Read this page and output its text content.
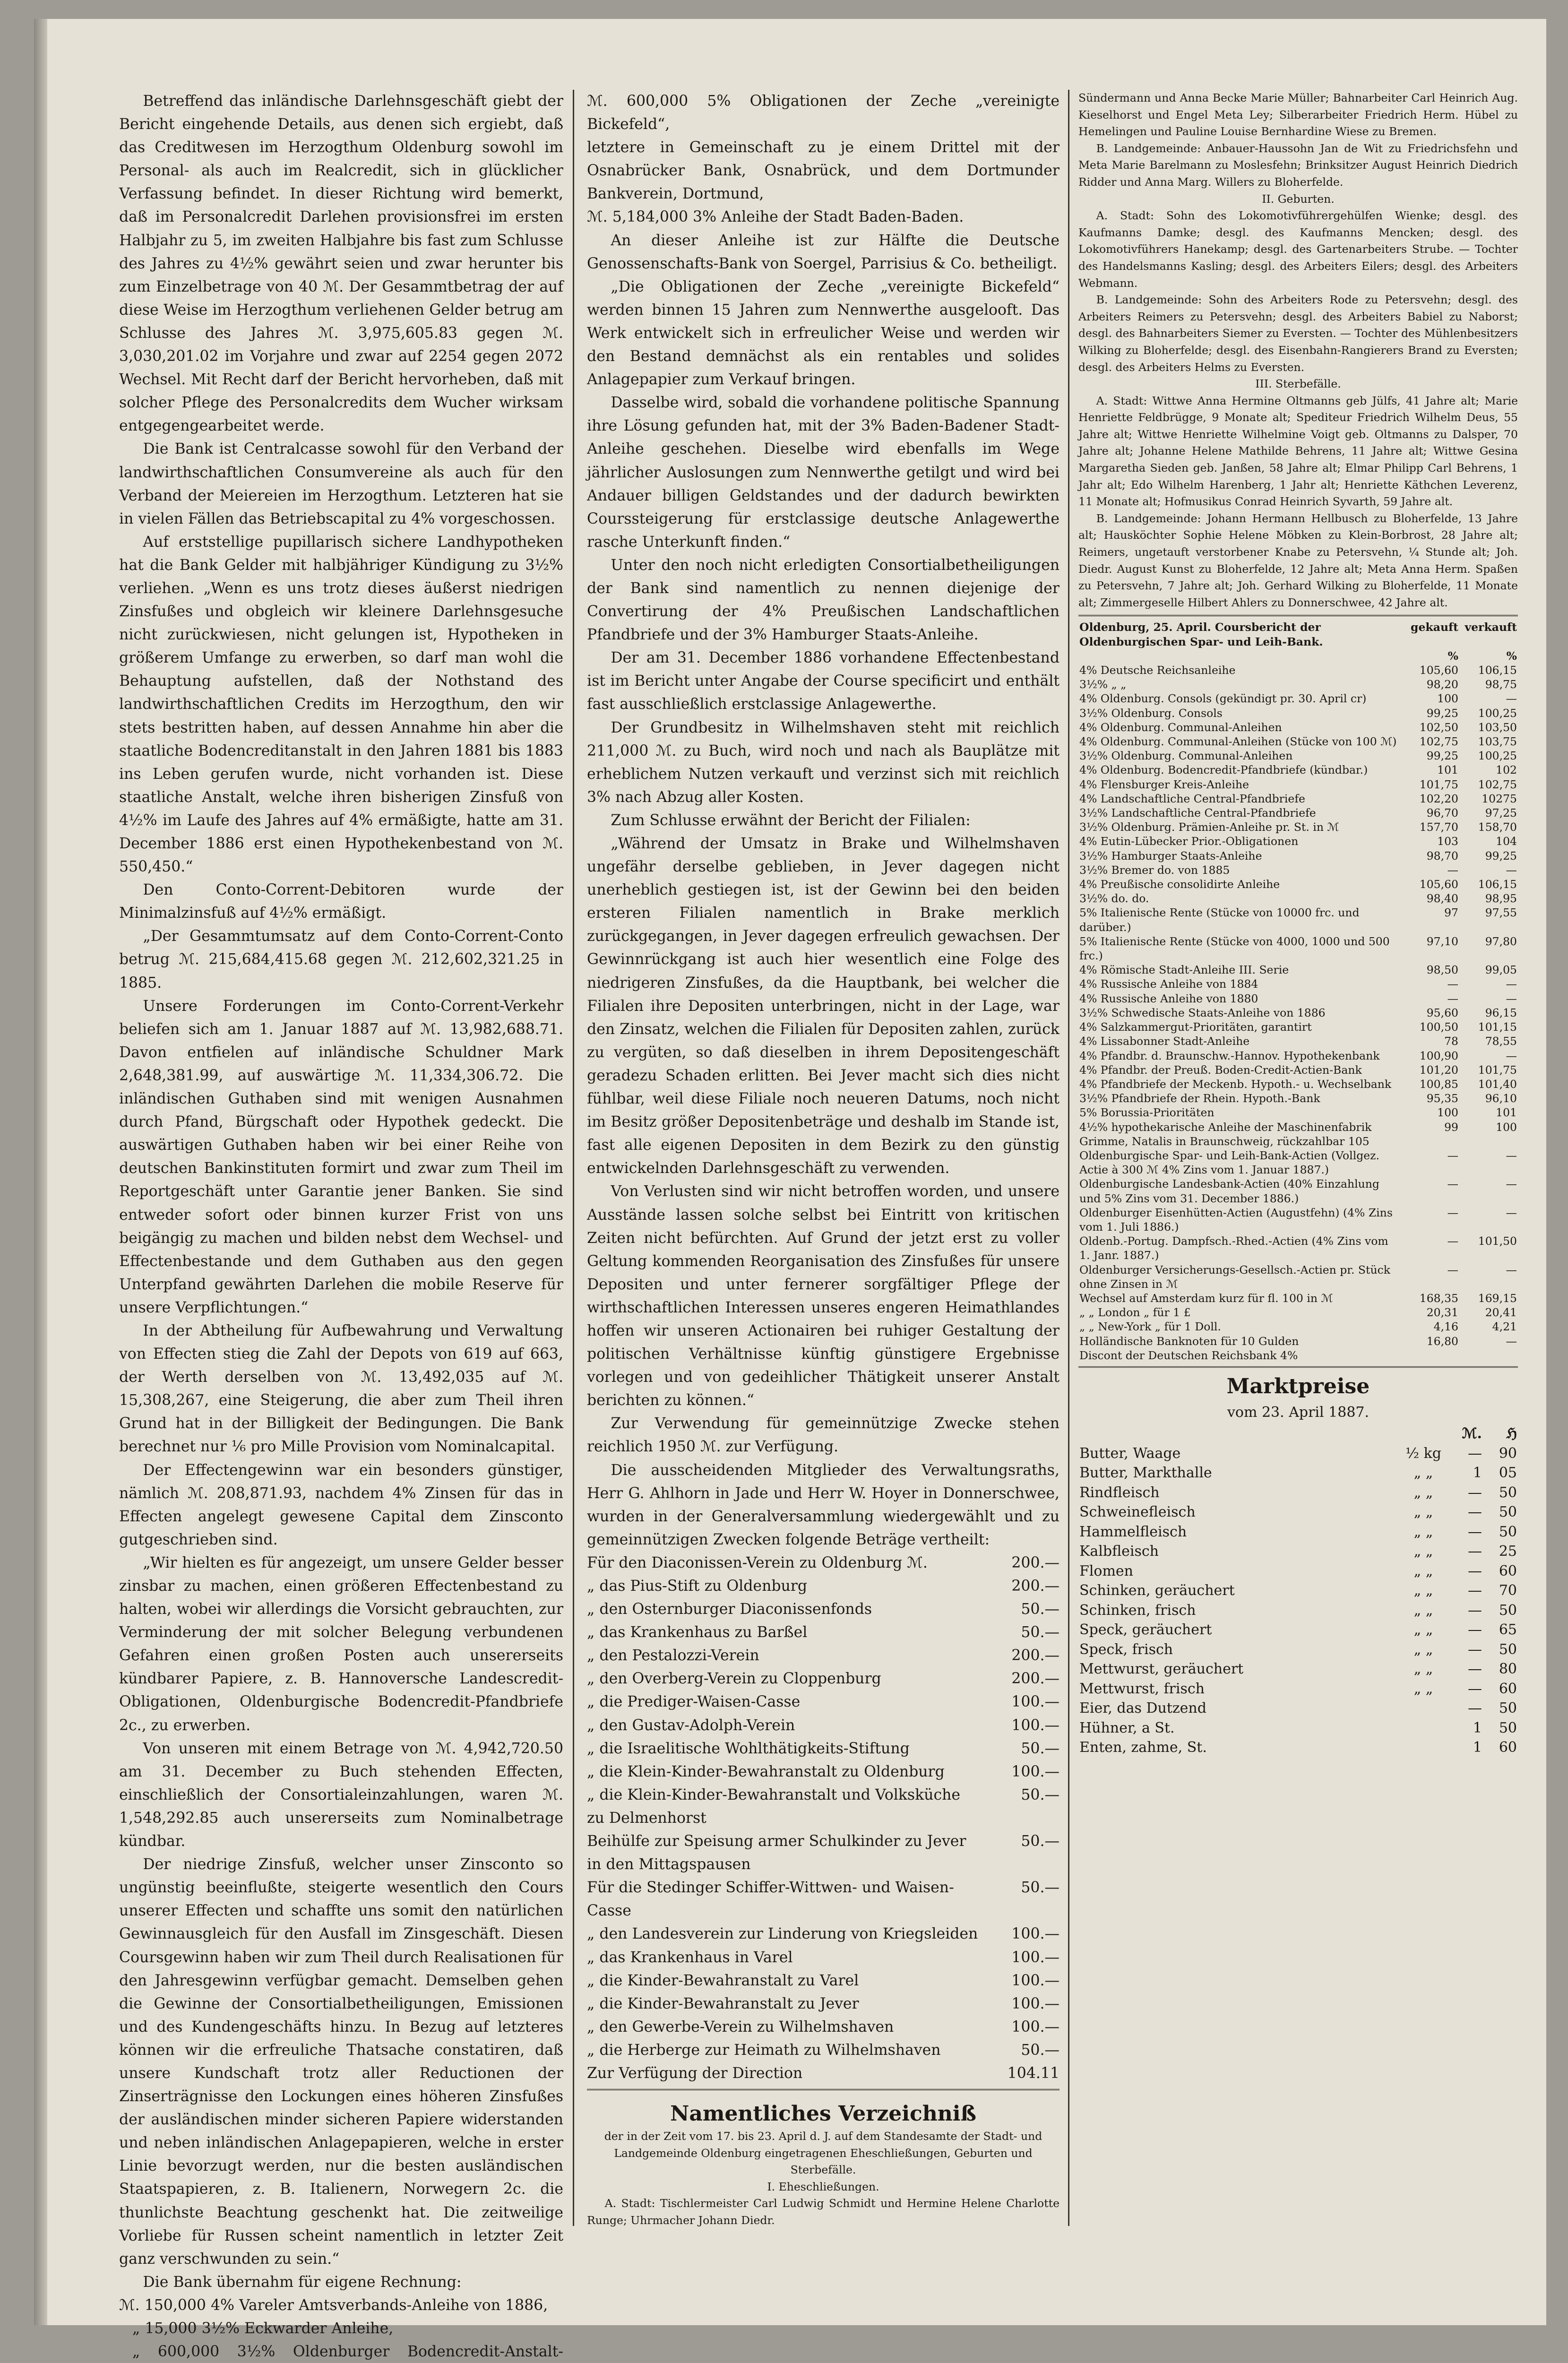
Betreffend das inländische Darlehnsgeschäft giebt der Bericht eingehende Details, aus denen sich ergiebt, daß das Creditwesen im Herzogthum Oldenburg sowohl im Personal- als auch im Realcredit, sich in glücklicher Verfassung befindet. In dieser Richtung wird bemerkt, daß im Personalcredit Darlehen provisionsfrei im ersten Halbjahr zu 5, im zweiten Halbjahre bis fast zum Schlusse des Jahres zu 4½% gewährt seien und zwar herunter bis zum Einzelbetrage von 40 ℳ. Der Gesammtbetrag der auf diese Weise im Herzogthum verliehenen Gelder betrug am Schlusse des Jahres ℳ. 3,975,605.83 gegen ℳ. 3,030,201.02 im Vorjahre und zwar auf 2254 gegen 2072 Wechsel. Mit Recht darf der Bericht hervorheben, daß mit solcher Pflege des Personalcredits dem Wucher wirksam entgegengearbeitet werde.

Die Bank ist Centralcasse sowohl für den Verband der landwirthschaftlichen Consumvereine als auch für den Verband der Meiereien im Herzogthum. Letzteren hat sie in vielen Fällen das Betriebscapital zu 4% vorgeschossen.

Auf erststellige pupillarisch sichere Landhypotheken hat die Bank Gelder mit halbjähriger Kündigung zu 3½% verliehen. „Wenn es uns trotz dieses äußerst niedrigen Zinsfußes und obgleich wir kleinere Darlehnsgesuche nicht zurückwiesen, nicht gelungen ist, Hypotheken in größerem Umfange zu erwerben, so darf man wohl die Behauptung aufstellen, daß der Nothstand des landwirthschaftlichen Credits im Herzogthum, den wir stets bestritten haben, auf dessen Annahme hin aber die staatliche Bodencreditanstalt in den Jahren 1881 bis 1883 ins Leben gerufen wurde, nicht vorhanden ist. Diese staatliche Anstalt, welche ihren bisherigen Zinsfuß von 4½% im Laufe des Jahres auf 4% ermäßigte, hatte am 31. December 1886 erst einen Hypothekenbestand von ℳ. 550,450.“

Den Conto-Corrent-Debitoren wurde der Minimalzinsfuß auf 4½% ermäßigt.

„Der Gesammtumsatz auf dem Conto-Corrent-Conto betrug ℳ. 215,684,415.68 gegen ℳ. 212,602,321.25 in 1885.

Unsere Forderungen im Conto-Corrent-Verkehr beliefen sich am 1. Januar 1887 auf ℳ. 13,982,688.71. Davon entfielen auf inländische Schuldner Mark 2,648,381.99, auf auswärtige ℳ. 11,334,306.72. Die inländischen Guthaben sind mit wenigen Ausnahmen durch Pfand, Bürgschaft oder Hypothek gedeckt. Die auswärtigen Guthaben haben wir bei einer Reihe von deutschen Bankinstituten formirt und zwar zum Theil im Reportgeschäft unter Garantie jener Banken. Sie sind entweder sofort oder binnen kurzer Frist von uns beigängig zu machen und bilden nebst dem Wechsel- und Effectenbestande und dem Guthaben aus den gegen Unterpfand gewährten Darlehen die mobile Reserve für unsere Verpflichtungen.“

In der Abtheilung für Aufbewahrung und Verwaltung von Effecten stieg die Zahl der Depots von 619 auf 663, der Werth derselben von ℳ. 13,492,035 auf ℳ. 15,308,267, eine Steigerung, die aber zum Theil ihren Grund hat in der Billigkeit der Bedingungen. Die Bank berechnet nur ⅙ pro Mille Provision vom Nominalcapital.

Der Effectengewinn war ein besonders günstiger, nämlich ℳ. 208,871.93, nachdem 4% Zinsen für das in Effecten angelegt gewesene Capital dem Zinsconto gutgeschrieben sind.

„Wir hielten es für angezeigt, um unsere Gelder besser zinsbar zu machen, einen größeren Effectenbestand zu halten, wobei wir allerdings die Vorsicht gebrauchten, zur Verminderung der mit solcher Belegung verbundenen Gefahren einen großen Posten auch unsererseits kündbarer Papiere, z. B. Hannoversche Landescredit-Obligationen, Oldenburgische Bodencredit-Pfandbriefe 2c., zu erwerben.

Von unseren mit einem Betrage von ℳ. 4,942,720.50 am 31. December zu Buch stehenden Effecten, einschließlich der Consortialeinzahlungen, waren ℳ. 1,548,292.85 auch unsererseits zum Nominalbetrage kündbar.

Der niedrige Zinsfuß, welcher unser Zinsconto so ungünstig beeinflußte, steigerte wesentlich den Cours unserer Effecten und schaffte uns somit den natürlichen Gewinnausgleich für den Ausfall im Zinsgeschäft. Diesen Coursgewinn haben wir zum Theil durch Realisationen für den Jahresgewinn verfügbar gemacht. Demselben gehen die Gewinne der Consortialbetheiligungen, Emissionen und des Kundengeschäfts hinzu. In Bezug auf letzteres können wir die erfreuliche Thatsache constatiren, daß unsere Kundschaft trotz aller Reductionen der Zinserträgnisse den Lockungen eines höheren Zinsfußes der ausländischen minder sicheren Papiere widerstanden und neben inländischen Anlagepapieren, welche in erster Linie bevorzugt werden, nur die besten ausländischen Staatspapieren, z. B. Italienern, Norwegern 2c. die thunlichste Beachtung geschenkt hat. Die zeitweilige Vorliebe für Russen scheint namentlich in letzter Zeit ganz verschwunden zu sein.“

Die Bank übernahm für eigene Rechnung:

ℳ. 150,000 4% Vareler Amtsverbands-Anleihe von 1886,

„ 15,000 3½% Eckwarder Anleihe,

„ 600,000 3½% Oldenburger Bodencredit-Anstalt-

ℳ. 600,000 5% Obligationen der Zeche „vereinigte Bickefeld“,

letztere in Gemeinschaft zu je einem Drittel mit der Osnabrücker Bank, Osnabrück, und dem Dortmunder Bankverein, Dortmund,

ℳ. 5,184,000 3% Anleihe der Stadt Baden-Baden.

An dieser Anleihe ist zur Hälfte die Deutsche Genossenschafts-Bank von Soergel, Parrisius & Co. betheiligt.

„Die Obligationen der Zeche „vereinigte Bickefeld“ werden binnen 15 Jahren zum Nennwerthe ausgelooft. Das Werk entwickelt sich in erfreulicher Weise und werden wir den Bestand demnächst als ein rentables und solides Anlagepapier zum Verkauf bringen.

Dasselbe wird, sobald die vorhandene politische Spannung ihre Lösung gefunden hat, mit der 3% Baden-Badener Stadt-Anleihe geschehen. Dieselbe wird ebenfalls im Wege jährlicher Auslosungen zum Nennwerthe getilgt und wird bei Andauer billigen Geldstandes und der dadurch bewirkten Courssteigerung für erstclassige deutsche Anlagewerthe rasche Unterkunft finden.“

Unter den noch nicht erledigten Consortialbetheiligungen der Bank sind namentlich zu nennen diejenige der Convertirung der 4% Preußischen Landschaftlichen Pfandbriefe und der 3% Hamburger Staats-Anleihe.

Der am 31. December 1886 vorhandene Effectenbestand ist im Bericht unter Angabe der Course specificirt und enthält fast ausschließlich erstclassige Anlagewerthe.

Der Grundbesitz in Wilhelmshaven steht mit reichlich 211,000 ℳ. zu Buch, wird noch und nach als Bauplätze mit erheblichem Nutzen verkauft und verzinst sich mit reichlich 3% nach Abzug aller Kosten.

Zum Schlusse erwähnt der Bericht der Filialen:

„Während der Umsatz in Brake und Wilhelmshaven ungefähr derselbe geblieben, in Jever dagegen nicht unerheblich gestiegen ist, ist der Gewinn bei den beiden ersteren Filialen namentlich in Brake merklich zurückgegangen, in Jever dagegen erfreulich gewachsen. Der Gewinnrückgang ist auch hier wesentlich eine Folge des niedrigeren Zinsfußes, da die Hauptbank, bei welcher die Filialen ihre Depositen unterbringen, nicht in der Lage, war den Zinsatz, welchen die Filialen für Depositen zahlen, zurück zu vergüten, so daß dieselben in ihrem Depositengeschäft geradezu Schaden erlitten. Bei Jever macht sich dies nicht fühlbar, weil diese Filiale noch neueren Datums, noch nicht im Besitz größer Depositenbeträge und deshalb im Stande ist, fast alle eigenen Depositen in dem Bezirk zu den günstig entwickelnden Darlehnsgeschäft zu verwenden.

Von Verlusten sind wir nicht betroffen worden, und unsere Ausstände lassen solche selbst bei Eintritt von kritischen Zeiten nicht befürchten. Auf Grund der jetzt erst zu voller Geltung kommenden Reorganisation des Zinsfußes für unsere Depositen und unter fernerer sorgfältiger Pflege der wirthschaftlichen Interessen unseres engeren Heimathlandes hoffen wir unseren Actionairen bei ruhiger Gestaltung der politischen Verhältnisse künftig günstigere Ergebnisse vorlegen und von gedeihlicher Thätigkeit unserer Anstalt berichten zu können.“

Zur Verwendung für gemeinnützige Zwecke stehen reichlich 1950 ℳ. zur Verfügung.

Die ausscheidenden Mitglieder des Verwaltungsraths, Herr G. Ahlhorn in Jade und Herr W. Hoyer in Donnerschwee, wurden in der Generalversammlung wiedergewählt und zu gemeinnützigen Zwecken folgende Beträge vertheilt:

Für den Diaconissen-Verein zu Oldenburg ℳ.	200.—
„ das Pius-Stift zu Oldenburg	200.—
„ den Osternburger Diaconissenfonds	50.—
„ das Krankenhaus zu Barßel	50.—
„ den Pestalozzi-Verein	200.—
„ den Overberg-Verein zu Cloppenburg	200.—
„ die Prediger-Waisen-Casse	100.—
„ den Gustav-Adolph-Verein	100.—
„ die Israelitische Wohlthätigkeits-Stiftung	50.—
„ die Klein-Kinder-Bewahranstalt zu Oldenburg	100.—
„ die Klein-Kinder-Bewahranstalt und Volksküche zu Delmenhorst	50.—
Beihülfe zur Speisung armer Schulkinder zu Jever in den Mittagspausen	50.—
Für die Stedinger Schiffer-Wittwen- und Waisen-Casse	50.—
„ den Landesverein zur Linderung von Kriegsleiden	100.—
„ das Krankenhaus in Varel	100.—
„ die Kinder-Bewahranstalt zu Varel	100.—
„ die Kinder-Bewahranstalt zu Jever	100.—
„ den Gewerbe-Verein zu Wilhelmshaven	100.—
„ die Herberge zur Heimath zu Wilhelmshaven	50.—
Zur Verfügung der Direction	104.11
Namentliches Verzeichniß

der in der Zeit vom 17. bis 23. April d. J. auf dem Standesamte der Stadt- und Landgemeinde Oldenburg eingetragenen Eheschließungen, Geburten und Sterbefälle.

I. Eheschließungen.

A. Stadt: Tischlermeister Carl Ludwig Schmidt und Hermine Helene Charlotte Runge; Uhrmacher Johann Diedr.

Sündermann und Anna Becke Marie Müller; Bahnarbeiter Carl Heinrich Aug. Kieselhorst und Engel Meta Ley; Silberarbeiter Friedrich Herm. Hübel zu Hemelingen und Pauline Louise Bernhardine Wiese zu Bremen.

B. Landgemeinde: Anbauer-Haussohn Jan de Wit zu Friedrichsfehn und Meta Marie Barelmann zu Moslesfehn; Brinksitzer August Heinrich Diedrich Ridder und Anna Marg. Willers zu Bloherfelde.

II. Geburten.

A. Stadt: Sohn des Lokomotivführergehülfen Wienke; desgl. des Kaufmanns Damke; desgl. des Kaufmanns Mencken; desgl. des Lokomotivführers Hanekamp; desgl. des Gartenarbeiters Strube. — Tochter des Handelsmanns Kasling; desgl. des Arbeiters Eilers; desgl. des Arbeiters Webmann.

B. Landgemeinde: Sohn des Arbeiters Rode zu Petersvehn; desgl. des Arbeiters Reimers zu Petersvehn; desgl. des Arbeiters Babiel zu Naborst; desgl. des Bahnarbeiters Siemer zu Eversten. — Tochter des Mühlenbesitzers Wilking zu Bloherfelde; desgl. des Eisenbahn-Rangierers Brand zu Eversten; desgl. des Arbeiters Helms zu Eversten.

III. Sterbefälle.

A. Stadt: Wittwe Anna Hermine Oltmanns geb Jülfs, 41 Jahre alt; Marie Henriette Feldbrügge, 9 Monate alt; Spediteur Friedrich Wilhelm Deus, 55 Jahre alt; Wittwe Henriette Wilhelmine Voigt geb. Oltmanns zu Dalsper, 70 Jahre alt; Johanne Helene Mathilde Behrens, 11 Jahre alt; Wittwe Gesina Margaretha Sieden geb. Janßen, 58 Jahre alt; Elmar Philipp Carl Behrens, 1 Jahr alt; Edo Wilhelm Harenberg, 1 Jahr alt; Henriette Käthchen Leverenz, 11 Monate alt; Hofmusikus Conrad Heinrich Syvarth, 59 Jahre alt.

B. Landgemeinde: Johann Hermann Hellbusch zu Bloherfelde, 13 Jahre alt; Hausköchter Sophie Helene Möbken zu Klein-Borbrost, 28 Jahre alt; Reimers, ungetauft verstorbener Knabe zu Petersvehn, ¼ Stunde alt; Joh. Diedr. August Kunst zu Bloherfelde, 12 Jahre alt; Meta Anna Herm. Spaßen zu Petersvehn, 7 Jahre alt; Joh. Gerhard Wilking zu Bloherfelde, 11 Monate alt; Zimmergeselle Hilbert Ahlers zu Donnerschwee, 42 Jahre alt.

Oldenburg, 25. April. Coursbericht der Oldenburgischen Spar- und Leih-Bank.	gekauft	verkauft
	%	%
4% Deutsche Reichsanleihe	105,60	106,15
3½% „ „	98,20	98,75
4% Oldenburg. Consols (gekündigt pr. 30. April cr)	100	—
3½% Oldenburg. Consols	99,25	100,25
4% Oldenburg. Communal-Anleihen	102,50	103,50
4% Oldenburg. Communal-Anleihen (Stücke von 100 ℳ)	102,75	103,75
3½% Oldenburg. Communal-Anleihen	99,25	100,25
4% Oldenburg. Bodencredit-Pfandbriefe (kündbar.)	101	102
4% Flensburger Kreis-Anleihe	101,75	102,75
4% Landschaftliche Central-Pfandbriefe	102,20	10275
3½% Landschaftliche Central-Pfandbriefe	96,70	97,25
3½% Oldenburg. Prämien-Anleihe pr. St. in ℳ	157,70	158,70
4% Eutin-Lübecker Prior.-Obligationen	103	104
3½% Hamburger Staats-Anleihe	98,70	99,25
3½% Bremer do. von 1885	—	—
4% Preußische consolidirte Anleihe	105,60	106,15
3½% do. do.	98,40	98,95
5% Italienische Rente (Stücke von 10000 frc. und darüber.)	97	97,55
5% Italienische Rente (Stücke von 4000, 1000 und 500 frc.)	97,10	97,80
4% Römische Stadt-Anleihe III. Serie	98,50	99,05
4% Russische Anleihe von 1884	—	—
4% Russische Anleihe von 1880	—	—
3½% Schwedische Staats-Anleihe von 1886	95,60	96,15
4% Salzkammergut-Prioritäten, garantirt	100,50	101,15
4% Lissabonner Stadt-Anleihe	78	78,55
4% Pfandbr. d. Braunschw.-Hannov. Hypothekenbank	100,90	—
4% Pfandbr. der Preuß. Boden-Credit-Actien-Bank	101,20	101,75
4% Pfandbriefe der Meckenb. Hypoth.- u. Wechselbank	100,85	101,40
3½% Pfandbriefe der Rhein. Hypoth.-Bank	95,35	96,10
5% Borussia-Prioritäten	100	101
4½% hypothekarische Anleihe der Maschinenfabrik Grimme, Natalis in Braunschweig, rückzahlbar 105	99	100
Oldenburgische Spar- und Leih-Bank-Actien (Vollgez. Actie à 300 ℳ 4% Zins vom 1. Januar 1887.)	—	—
Oldenburgische Landesbank-Actien (40% Einzahlung und 5% Zins vom 31. December 1886.)	—	—
Oldenburger Eisenhütten-Actien (Augustfehn) (4% Zins vom 1. Juli 1886.)	—	—
Oldenb.-Portug. Dampfsch.-Rhed.-Actien (4% Zins vom 1. Janr. 1887.)	—	101,50
Oldenburger Versicherungs-Gesellsch.-Actien pr. Stück ohne Zinsen in ℳ	—	—
Wechsel auf Amsterdam kurz für fl. 100 in ℳ	168,35	169,15
„ „ London „ für 1 £	20,31	20,41
„ „ New-York „ für 1 Doll.	4,16	4,21
Holländische Banknoten für 10 Gulden	16,80	—
Discont der Deutschen Reichsbank 4%		
Marktpreise

vom 23. April 1887.

		ℳ.	ℌ
Butter, Waage	½ kg	—	90
Butter, Markthalle	„ „	1	05
Rindfleisch	„ „	—	50
Schweinefleisch	„ „	—	50
Hammelfleisch	„ „	—	50
Kalbfleisch	„ „	—	25
Flomen	„ „	—	60
Schinken, geräuchert	„ „	—	70
Schinken, frisch	„ „	—	50
Speck, geräuchert	„ „	—	65
Speck, frisch	„ „	—	50
Mettwurst, geräuchert	„ „	—	80
Mettwurst, frisch	„ „	—	60
Eier, das Dutzend		—	50
Hühner, a St.		1	50
Enten, zahme, St.		1	60
